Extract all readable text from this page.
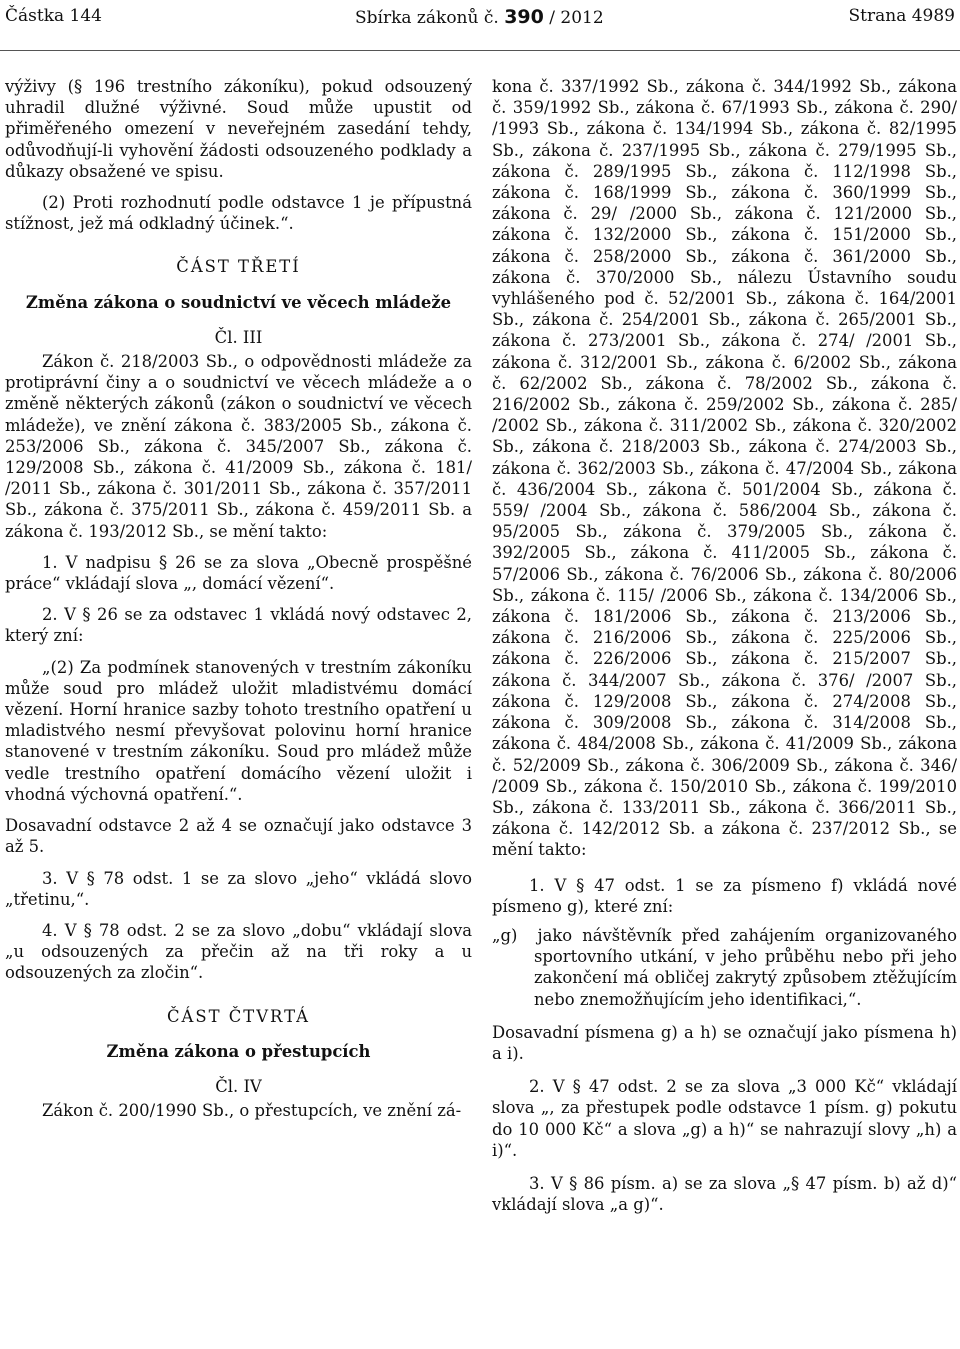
Částka 144	Sbírka zákonů č. 390 / 2012	Strana 4989

výživy (§ 196 trestního zákoníku), pokud odsouzený uhradil dlužné výživné. Soud může upustit od přiměřeného omezení v neveřejném zasedání tehdy, odůvodňují-li vyhovění žádosti odsouzeného podklady a důkazy obsažené ve spisu.

(2) Proti rozhodnutí podle odstavce 1 je přípustná stížnost, jež má odkladný účinek.“.

ČÁST TŘETÍ

Změna zákona o soudnictví ve věcech mládeže

Čl. III

Zákon č. 218/2003 Sb., o odpovědnosti mládeže za protiprávní činy a o soudnictví ve věcech mládeže a o změně některých zákonů (zákon o soudnictví ve věcech mládeže), ve znění zákona č. 383/2005 Sb., zákona č. 253/2006 Sb., zákona č. 345/2007 Sb., zákona č. 129/2008 Sb., zákona č. 41/2009 Sb., zákona č. 181/ /2011 Sb., zákona č. 301/2011 Sb., zákona č. 357/2011 Sb., zákona č. 375/2011 Sb., zákona č. 459/2011 Sb. a zákona č. 193/2012 Sb., se mění takto:

1. V nadpisu § 26 se za slova „Obecně prospěšné práce“ vkládají slova „, domácí vězení“.

2. V § 26 se za odstavec 1 vkládá nový odstavec 2, který zní:

„(2) Za podmínek stanovených v trestním zákoníku může soud pro mládež uložit mladistvému domácí vězení. Horní hranice sazby tohoto trestního opatření u mladistvého nesmí převyšovat polovinu horní hranice stanovené v trestním zákoníku. Soud pro mládež může vedle trestního opatření domácího vězení uložit i vhodná výchovná opatření.“.

Dosavadní odstavce 2 až 4 se označují jako odstavce 3 až 5.

3. V § 78 odst. 1 se za slovo „jeho“ vkládá slovo „třetinu,“.

4. V § 78 odst. 2 se za slovo „dobu“ vkládají slova „u odsouzených za přečin až na tři roky a u odsouzených za zločin“.

ČÁST ČTVRTÁ

Změna zákona o přestupcích

Čl. IV

Zákon č. 200/1990 Sb., o přestupcích, ve znění zá-

kona č. 337/1992 Sb., zákona č. 344/1992 Sb., zákona č. 359/1992 Sb., zákona č. 67/1993 Sb., zákona č. 290/ /1993 Sb., zákona č. 134/1994 Sb., zákona č. 82/1995 Sb., zákona č. 237/1995 Sb., zákona č. 279/1995 Sb., zákona č. 289/1995 Sb., zákona č. 112/1998 Sb., zákona č. 168/1999 Sb., zákona č. 360/1999 Sb., zákona č. 29/ /2000 Sb., zákona č. 121/2000 Sb., zákona č. 132/2000 Sb., zákona č. 151/2000 Sb., zákona č. 258/2000 Sb., zákona č. 361/2000 Sb., zákona č. 370/2000 Sb., nálezu Ústavního soudu vyhlášeného pod č. 52/2001 Sb., zákona č. 164/2001 Sb., zákona č. 254/2001 Sb., zákona č. 265/2001 Sb., zákona č. 273/2001 Sb., zákona č. 274/ /2001 Sb., zákona č. 312/2001 Sb., zákona č. 6/2002 Sb., zákona č. 62/2002 Sb., zákona č. 78/2002 Sb., zákona č. 216/2002 Sb., zákona č. 259/2002 Sb., zákona č. 285/ /2002 Sb., zákona č. 311/2002 Sb., zákona č. 320/2002 Sb., zákona č. 218/2003 Sb., zákona č. 274/2003 Sb., zákona č. 362/2003 Sb., zákona č. 47/2004 Sb., zákona č. 436/2004 Sb., zákona č. 501/2004 Sb., zákona č. 559/ /2004 Sb., zákona č. 586/2004 Sb., zákona č. 95/2005 Sb., zákona č. 379/2005 Sb., zákona č. 392/2005 Sb., zákona č. 411/2005 Sb., zákona č. 57/2006 Sb., zákona č. 76/2006 Sb., zákona č. 80/2006 Sb., zákona č. 115/ /2006 Sb., zákona č. 134/2006 Sb., zákona č. 181/2006 Sb., zákona č. 213/2006 Sb., zákona č. 216/2006 Sb., zákona č. 225/2006 Sb., zákona č. 226/2006 Sb., zákona č. 215/2007 Sb., zákona č. 344/2007 Sb., zákona č. 376/ /2007 Sb., zákona č. 129/2008 Sb., zákona č. 274/2008 Sb., zákona č. 309/2008 Sb., zákona č. 314/2008 Sb., zákona č. 484/2008 Sb., zákona č. 41/2009 Sb., zákona č. 52/2009 Sb., zákona č. 306/2009 Sb., zákona č. 346/ /2009 Sb., zákona č. 150/2010 Sb., zákona č. 199/2010 Sb., zákona č. 133/2011 Sb., zákona č. 366/2011 Sb., zákona č. 142/2012 Sb. a zákona č. 237/2012 Sb., se mění takto:

1. V § 47 odst. 1 se za písmeno f) vkládá nové písmeno g), které zní:

„g) jako návštěvník před zahájením organizovaného sportovního utkání, v jeho průběhu nebo při jeho zakončení má obličej zakrytý způsobem ztěžujícím nebo znemožňujícím jeho identifikaci,“.

Dosavadní písmena g) a h) se označují jako písmena h) a i).

2. V § 47 odst. 2 se za slova „3 000 Kč“ vkládají slova „, za přestupek podle odstavce 1 písm. g) pokutu do 10 000 Kč“ a slova „g) a h)“ se nahrazují slovy „h) a i)“.

3. V § 86 písm. a) se za slova „§ 47 písm. b) až d)“ vkládají slova „a g)“.
